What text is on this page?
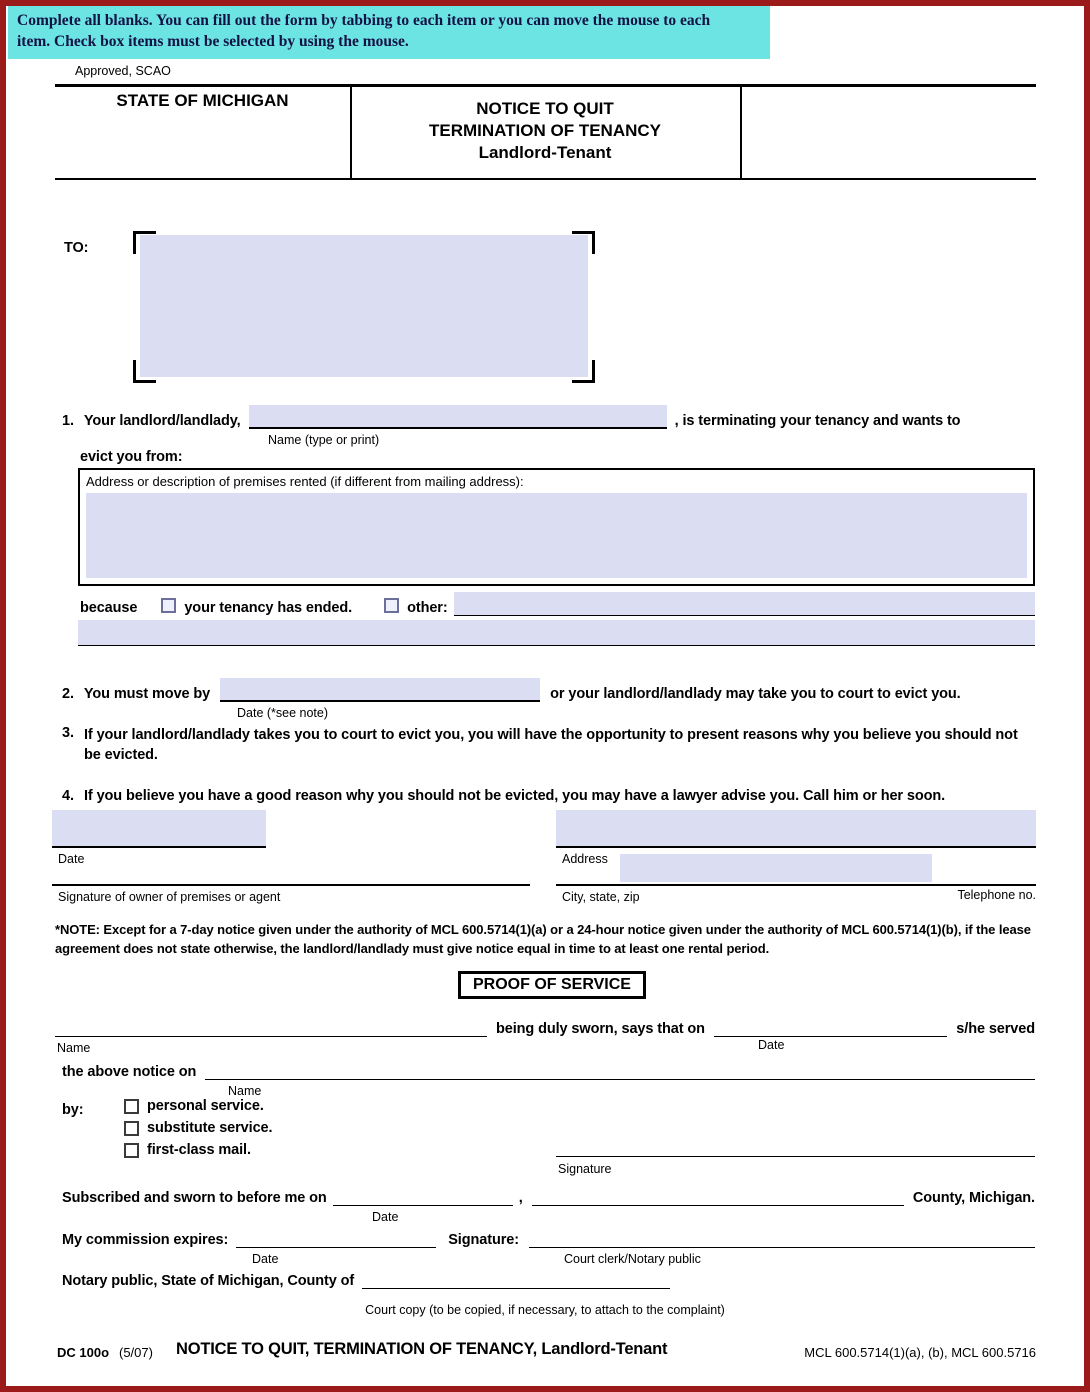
Complete all blanks. You can fill out the form by tabbing to each item or you can move the mouse to each
item. Check box items must be selected by using the mouse.
Approved, SCAO
STATE OF MICHIGAN	NOTICE TO QUIT
TERMINATION OF TENANCY
Landlord-Tenant
TO:
1. Your landlord/landlady,	, is terminating your tenancy and wants to
Name (type or print)
evict you from:
Address or description of premises rented (if different from mailing address):
because	your tenancy has ended.	other:
2. You must move by	or your landlord/landlady may take you to court to evict you.
Date (*see note)
3. If your landlord/landlady takes you to court to evict you, you will have the opportunity to present reasons why you believe you should not be evicted.
4. If you believe you have a good reason why you should not be evicted, you may have a lawyer advise you. Call him or her soon.
Date
Signature of owner of premises or agent
Address
City, state, zip	Telephone no.
*NOTE: Except for a 7-day notice given under the authority of MCL 600.5714(1)(a) or a 24-hour notice given under the authority of MCL 600.5714(1)(b), if the lease agreement does not state otherwise, the landlord/landlady must give notice equal in time to at least one rental period.
PROOF OF SERVICE
being duly sworn, says that on	s/he served
Name	Date
the above notice on
Name
by:	personal service.
substitute service.
first-class mail.
Signature
Subscribed and sworn to before me on	,	County, Michigan.
Date
My commission expires:	Signature:
Date	Court clerk/Notary public
Notary public, State of Michigan, County of
Court copy (to be copied, if necessary, to attach to the complaint)
DC 100o (5/07) NOTICE TO QUIT, TERMINATION OF TENANCY, Landlord-Tenant	MCL 600.5714(1)(a), (b), MCL 600.5716
